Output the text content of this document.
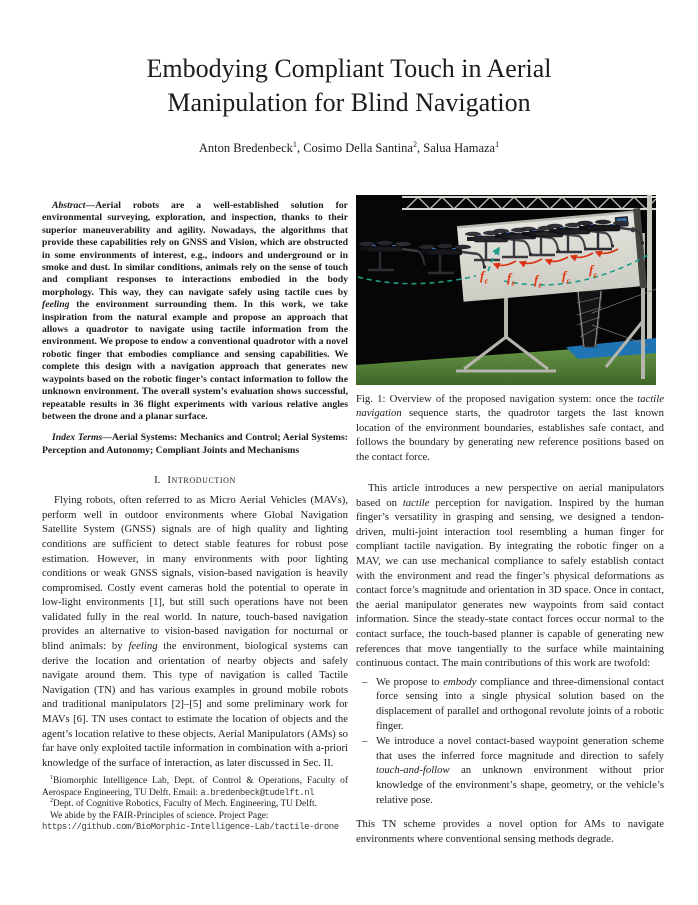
Embodying Compliant Touch in Aerial
Manipulation for Blind Navigation
Anton Bredenbeck$^1$, Cosimo Della Santina$^2$, Salua Hamaza$^1$

Abstract—Aerial robots are a well-established solution for environmental surveying, exploration, and inspection, thanks to their superior maneuverability and agility. Nowadays, the algorithms that provide these capabilities rely on GNSS and Vision, which are obstructed in some environments of interest, e.g., indoors and underground or in smoke and dust. In similar conditions, animals rely on the sense of touch and compliant responses to interactions embodied in the body morphology. This way, they can navigate safely using tactile cues by feeling the environment surrounding them. In this work, we take inspiration from the natural example and propose an approach that allows a quadrotor to navigate using tactile information from the environment. We propose to endow a conventional quadrotor with a novel robotic finger that embodies compliance and sensing capabilities. We complete this design with a navigation approach that generates new waypoints based on the robotic finger’s contact information to follow the unknown environment. The overall system’s evaluation shows successful, repeatable results in 36 flight experiments with various relative angles between the drone and a planar surface.

Index Terms—Aerial Systems: Mechanics and Control; Aerial Systems: Perception and Autonomy; Compliant Joints and Mechanisms

I. Introduction

Flying robots, often referred to as Micro Aerial Vehicles (MAVs), perform well in outdoor environments where Global Navigation Satellite System (GNSS) signals are of high quality and lighting conditions are sufficient to detect stable features for robust pose estimation. However, in many environments with poor lighting conditions or weak GNSS signals, vision-based navigation is heavily compromised. Costly event cameras hold the potential to operate in low-light environments [1], but still such operations have not been validated fully in the real world. In nature, touch-based navigation provides an alternative to vision-based navigation for nocturnal or blind animals: by feeling the environment, biological systems can derive the location and orientation of nearby objects and safely navigate around them. This type of navigation is called Tactile Navigation (TN) and has various examples in ground mobile robots and traditional manipulators [2]–[5] and some preliminary work for MAVs [6]. TN uses contact to estimate the location of objects and the agent’s location relative to these objects. Aerial Manipulators (AMs) so far have only exploited tactile information in combination with a-priori knowledge of the surface of interaction, as later discussed in Sec. II.

$^1$Biomorphic Intelligence Lab, Dept. of Control & Operations, Faculty of Aerospace Engineering, TU Delft. Email: a.bredenbeck@tudelft.nl
$^2$Dept. of Cognitive Robotics, Faculty of Mech. Engineering, TU Delft.
We abide by the FAIR-Principles of science. Project Page:
https://github.com/BioMorphic-Intelligence-Lab/tactile-drone
$f_\varepsilon$ $f_\varepsilon$ $f_\varepsilon$
$f_\varepsilon$
$f_\varepsilon$
Fig. 1: Overview of the proposed navigation system: once the tactile navigation sequence starts, the quadrotor targets the last known location of the environment boundaries, establishes safe contact, and follows the boundary by generating new reference positions based on the contact force.

This article introduces a new perspective on aerial manipulators based on tactile perception for navigation. Inspired by the human finger’s versatility in grasping and sensing, we designed a tendon-driven, multi-joint interaction tool resembling a human finger for compliant tactile navigation. By integrating the robotic finger on a MAV, we can use mechanical compliance to safely establish contact with the environment and read the finger’s physical deformations as contact force’s magnitude and orientation in 3D space. Once in contact, the aerial manipulator generates new waypoints from said contact information. Since the steady-state contact forces occur normal to the contact surface, the touch-based planner is capable of generating new references that move tangentially to the surface while maintaining continuous contact. The main contributions of this work are twofold:

– We propose to embody compliance and three-dimensional contact force sensing into a single physical solution based on the displacement of parallel and orthogonal revolute joints of a robotic finger.
– We introduce a novel contact-based waypoint generation scheme that uses the inferred force magnitude and direction to safely touch-and-follow an unknown environment without prior knowledge of the environment’s shape, geometry, or the vehicle’s relative pose.

This TN scheme provides a novel option for AMs to navigate environments where conventional sensing methods degrade.
